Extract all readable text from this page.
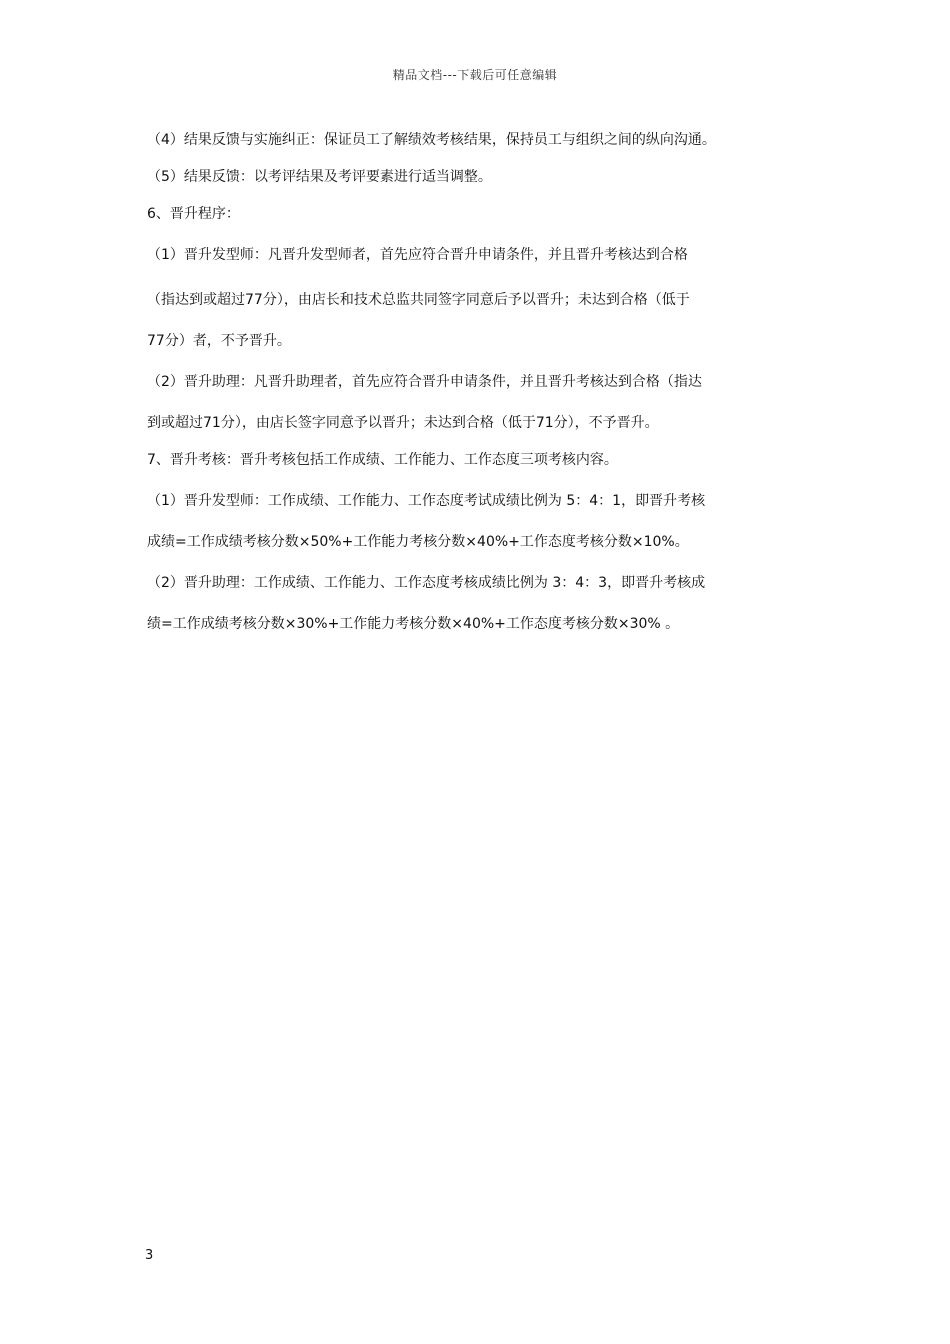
精品文档---下载后可任意编辑
（4）结果反馈与实施纠正：保证员工了解绩效考核结果，保持员工与组织之间的纵向沟通。
（5）结果反馈：以考评结果及考评要素进行适当调整。
6、晋升程序：
（1）晋升发型师：凡晋升发型师者，首先应符合晋升申请条件，并且晋升考核达到合格
（指达到或超过77分），由店长和技术总监共同签字同意后予以晋升；未达到合格（低于
77分）者，不予晋升。
（2）晋升助理：凡晋升助理者，首先应符合晋升申请条件，并且晋升考核达到合格（指达
到或超过71分），由店长签字同意予以晋升；未达到合格（低于71分），不予晋升。
7、晋升考核：晋升考核包括工作成绩、工作能力、工作态度三项考核内容。
（1）晋升发型师：工作成绩、工作能力、工作态度考试成绩比例为 5：4：1，即晋升考核
成绩=工作成绩考核分数×50%+工作能力考核分数×40%+工作态度考核分数×10%。
（2）晋升助理：工作成绩、工作能力、工作态度考核成绩比例为 3：4：3，即晋升考核成
绩=工作成绩考核分数×30%+工作能力考核分数×40%+工作态度考核分数×30% 。
3
